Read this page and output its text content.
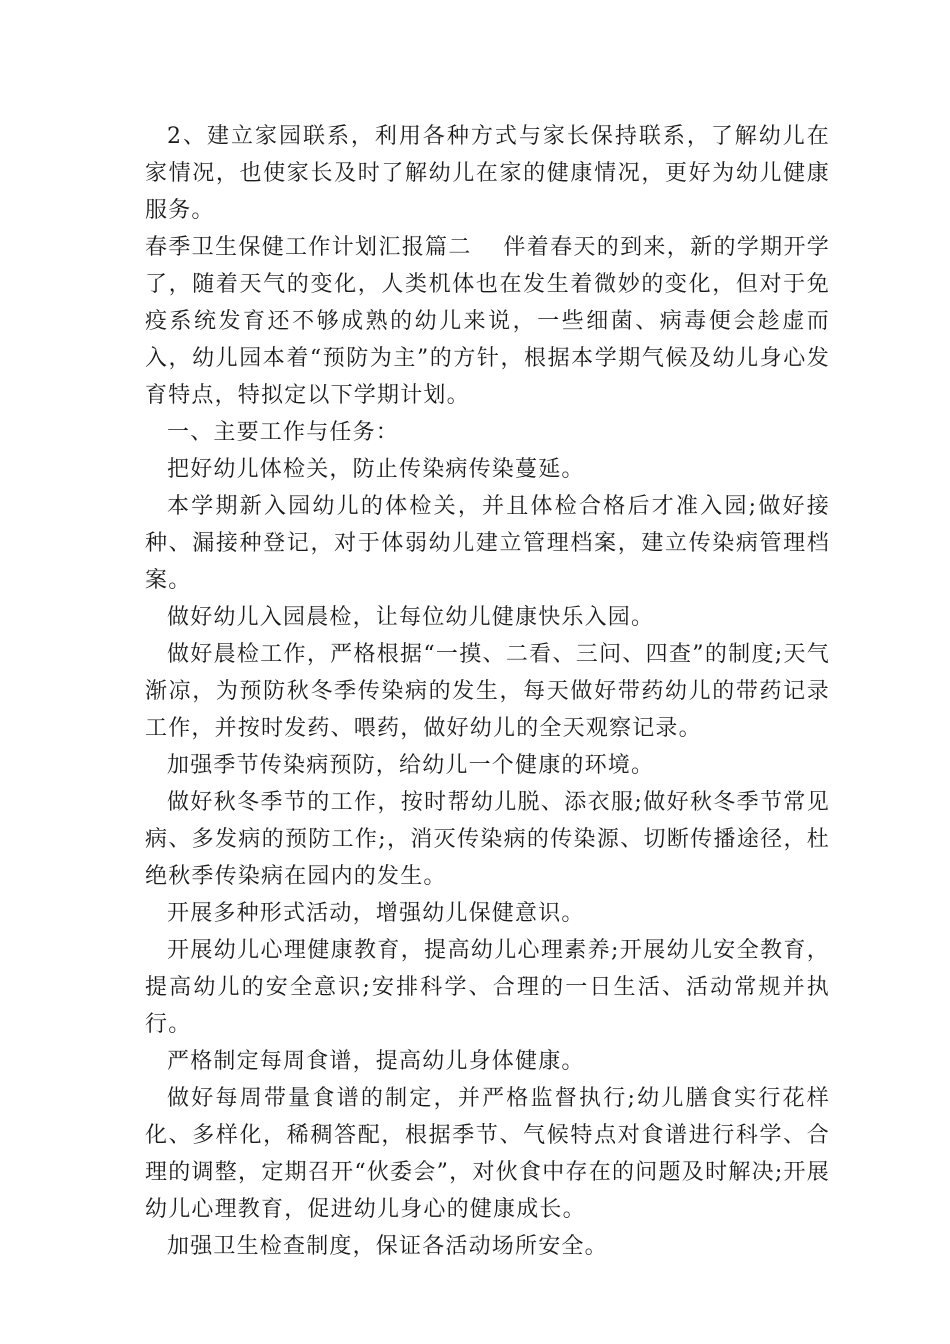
2、建立家园联系，利用各种方式与家长保持联系，了解幼儿在家情况，也使家长及时了解幼儿在家的健康情况，更好为幼儿健康服务。

春季卫生保健工作计划汇报篇二　 伴着春天的到来，新的学期开学了，随着天气的变化，人类机体也在发生着微妙的变化，但对于免疫系统发育还不够成熟的幼儿来说，一些细菌、病毒便会趁虚而入，幼儿园本着“预防为主”的方针，根据本学期气候及幼儿身心发育特点，特拟定以下学期计划。

一、主要工作与任务：

把好幼儿体检关，防止传染病传染蔓延。

本学期新入园幼儿的体检关，并且体检合格后才准入园;做好接种、漏接种登记，对于体弱幼儿建立管理档案，建立传染病管理档案。

做好幼儿入园晨检，让每位幼儿健康快乐入园。

做好晨检工作，严格根据“一摸、二看、三问、四查”的制度;天气渐凉，为预防秋冬季传染病的发生，每天做好带药幼儿的带药记录工作，并按时发药、喂药，做好幼儿的全天观察记录。

加强季节传染病预防，给幼儿一个健康的环境。

做好秋冬季节的工作，按时帮幼儿脱、添衣服;做好秋冬季节常见病、多发病的预防工作;，消灭传染病的传染源、切断传播途径，杜绝秋季传染病在园内的发生。

开展多种形式活动，增强幼儿保健意识。

开展幼儿心理健康教育，提高幼儿心理素养;开展幼儿安全教育，提高幼儿的安全意识;安排科学、合理的一日生活、活动常规并执行。

严格制定每周食谱，提高幼儿身体健康。

做好每周带量食谱的制定，并严格监督执行;幼儿膳食实行花样化、多样化，稀稠答配，根据季节、气候特点对食谱进行科学、合理的调整，定期召开“伙委会”，对伙食中存在的问题及时解决;开展幼儿心理教育，促进幼儿身心的健康成长。

加强卫生检查制度，保证各活动场所安全。
